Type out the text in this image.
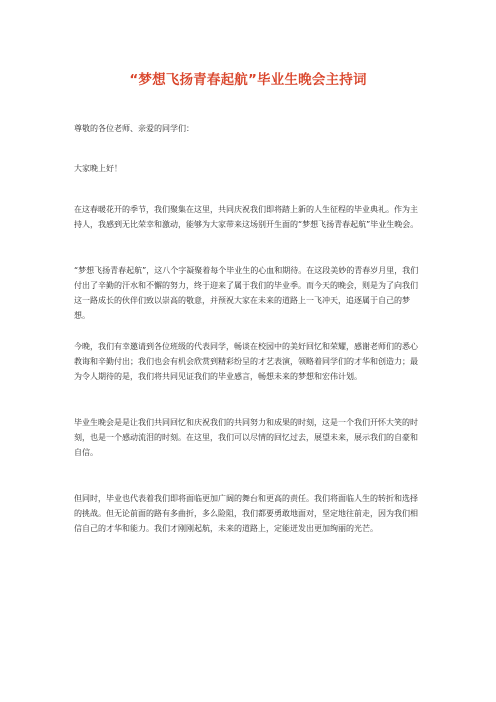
“梦想飞扬青春起航”毕业生晚会主持词

尊敬的各位老师、亲爱的同学们：

大家晚上好！

在这春暖花开的季节，我们聚集在这里，共同庆祝我们即将踏上新的人生征程的毕业典礼。作为主持人，我感到无比荣幸和激动，能够为大家带来这场别开生面的“梦想飞扬青春起航”毕业生晚会。

“梦想飞扬青春起航”，这八个字凝聚着每个毕业生的心血和期待。在这段美妙的青春岁月里，我们付出了辛勤的汗水和不懈的努力，终于迎来了属于我们的毕业季。而今天的晚会，则是为了向我们这一路成长的伙伴们致以崇高的敬意，并预祝大家在未来的道路上一飞冲天，追逐属于自己的梦想。

今晚，我们有幸邀请到各位班级的代表同学，畅谈在校园中的美好回忆和荣耀，感谢老师们的悉心教诲和辛勤付出；我们也会有机会欣赏到精彩纷呈的才艺表演，领略着同学们的才华和创造力；最为令人期待的是，我们将共同见证我们的毕业感言，畅想未来的梦想和宏伟计划。

毕业生晚会是是让我们共同回忆和庆祝我们的共同努力和成果的时刻，这是一个我们开怀大笑的时刻，也是一个感动流泪的时刻。在这里，我们可以尽情的回忆过去，展望未来，展示我们的自豪和自信。

但同时，毕业也代表着我们即将面临更加广阔的舞台和更高的责任。我们将面临人生的转折和选择的挑战。但无论前面的路有多曲折，多么险阻，我们都要勇敢地面对，坚定地往前走，因为我们相信自己的才华和能力。我们才刚刚起航，未来的道路上，定能迸发出更加绚丽的光芒。
